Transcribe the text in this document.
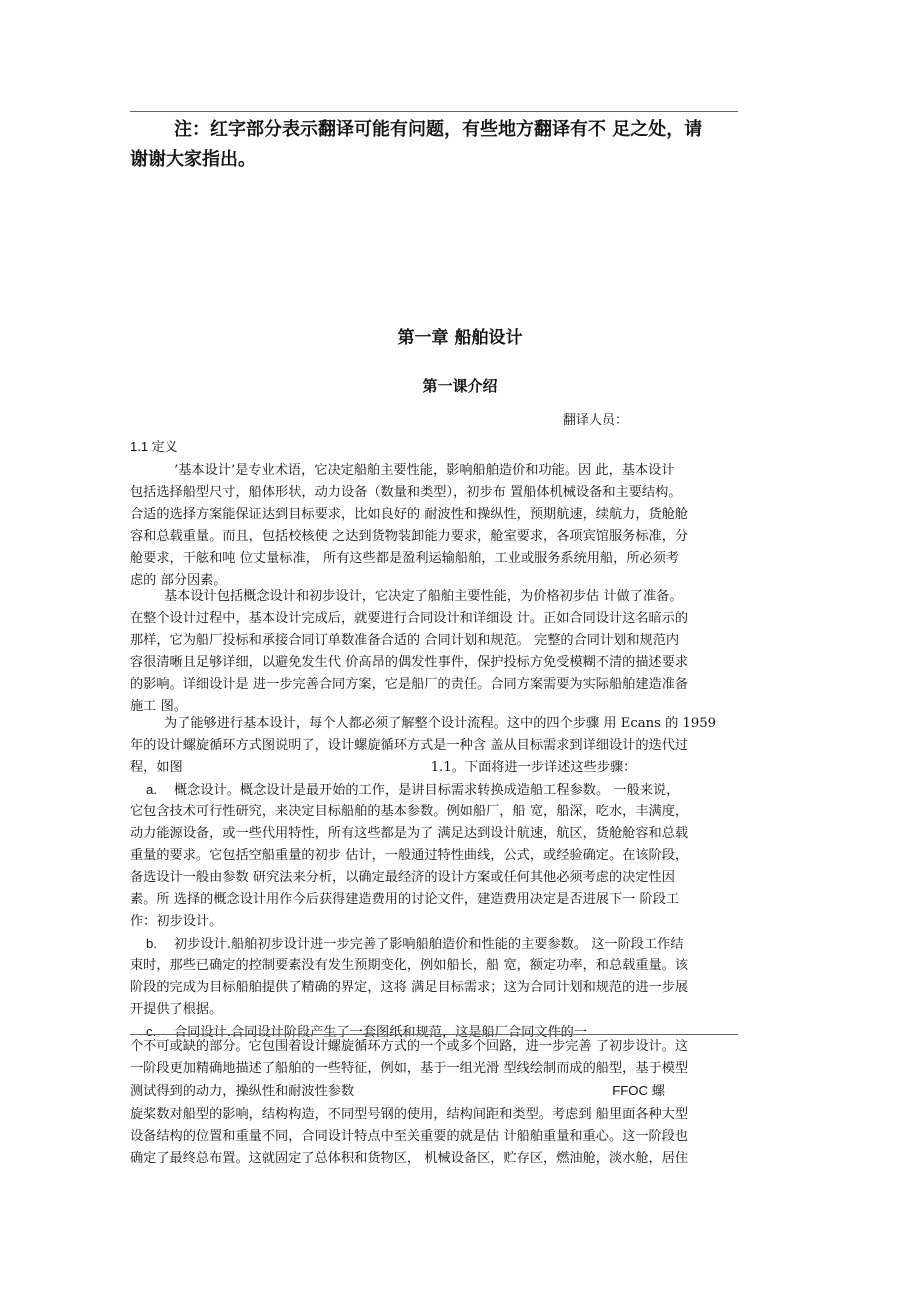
注：红字部分表示翻译可能有问题，有些地方翻译有不 足之处，请
谢谢大家指出。
第一章 船舶设计
第一课介绍
翻译人员：
1.1 定义
’基本设计’是专业术语，它决定船舶主要性能，影响船舶造价和功能。因 此，基本设计
包括选择船型尺寸，船体形状，动力设备（数量和类型），初步布 置船体机械设备和主要结构。
合适的选择方案能保证达到目标要求，比如良好的 耐波性和操纵性，预期航速，续航力，货舱舱
容和总载重量。而且，包括校核使 之达到货物装卸能力要求，舱室要求，各项宾馆服务标准，分
舱要求，干舷和吨 位丈量标准， 所有这些都是盈利运输船舶，工业或服务系统用船，所必须考
虑的 部分因素。
基本设计包括概念设计和初步设计，它决定了船舶主要性能，为价格初步估 计做了准备。
在整个设计过程中，基本设计完成后，就要进行合同设计和详细设 计。正如合同设计这名暗示的
那样，它为船厂投标和承接合同订单数准备合适的 合同计划和规范。 完整的合同计划和规范内
容很清晰且足够详细，以避免发生代 价高昂的偶发性事件，保护投标方免受模糊不清的描述要求
的影响。详细设计是 进一步完善合同方案，它是船厂的责任。合同方案需要为实际船舶建造准备
施工 图。
为了能够进行基本设计，每个人都必须了解整个设计流程。这中的四个步骤 用 Ecans 的 1959
年的设计螺旋循环方式图说明了，设计螺旋循环方式是一种含 盖从目标需求到详细设计的迭代过
程，如图	1.1。下面将进一步详述这些步骤：
a. 概念设计。概念设计是最开始的工作，是讲目标需求转换成造船工程参数。 一般来说，
它包含技术可行性研究，来决定目标船舶的基本参数。例如船厂，船 宽，船深，吃水，丰满度，
动力能源设备，或一些代用特性，所有这些都是为了 满足达到设计航速，航区，货舱舱容和总载
重量的要求。它包括空船重量的初步 估计，一般通过特性曲线，公式，或经验确定。在该阶段，
备选设计一般由参数 研究法来分析，以确定最经济的设计方案或任何其他必须考虑的决定性因
素。所 选择的概念设计用作今后获得建造费用的讨论文件，建造费用决定是否进展下一 阶段工
作：初步设计。
b. 初步设计.船舶初步设计进一步完善了影响船舶造价和性能的主要参数。 这一阶段工作结
束时，那些已确定的控制要素没有发生预期变化，例如船长，船 宽，额定功率，和总载重量。该
阶段的完成为目标船舶提供了精确的界定，这将 满足目标需求；这为合同计划和规范的进一步展
开提供了根据。
c. 合同设计.合同设计阶段产生了一套图纸和规范，这是船厂合同文件的一
个不可或缺的部分。它包围着设计螺旋循环方式的一个或多个回路，进一步完善 了初步设计。这
一阶段更加精确地描述了船舶的一些特征，例如，基于一组光滑 型线绘制而成的船型，基于模型
测试得到的动力，操纵性和耐波性参数	FFOC 螺
旋桨数对船型的影响，结构构造，不同型号钢的使用，结构间距和类型。考虑到 船里面各种大型
设备结构的位置和重量不同，合同设计特点中至关重要的就是估 计船舶重量和重心。这一阶段也
确定了最终总布置。这就固定了总体积和货物区， 机械设备区，贮存区，燃油舱，淡水舱，居住
